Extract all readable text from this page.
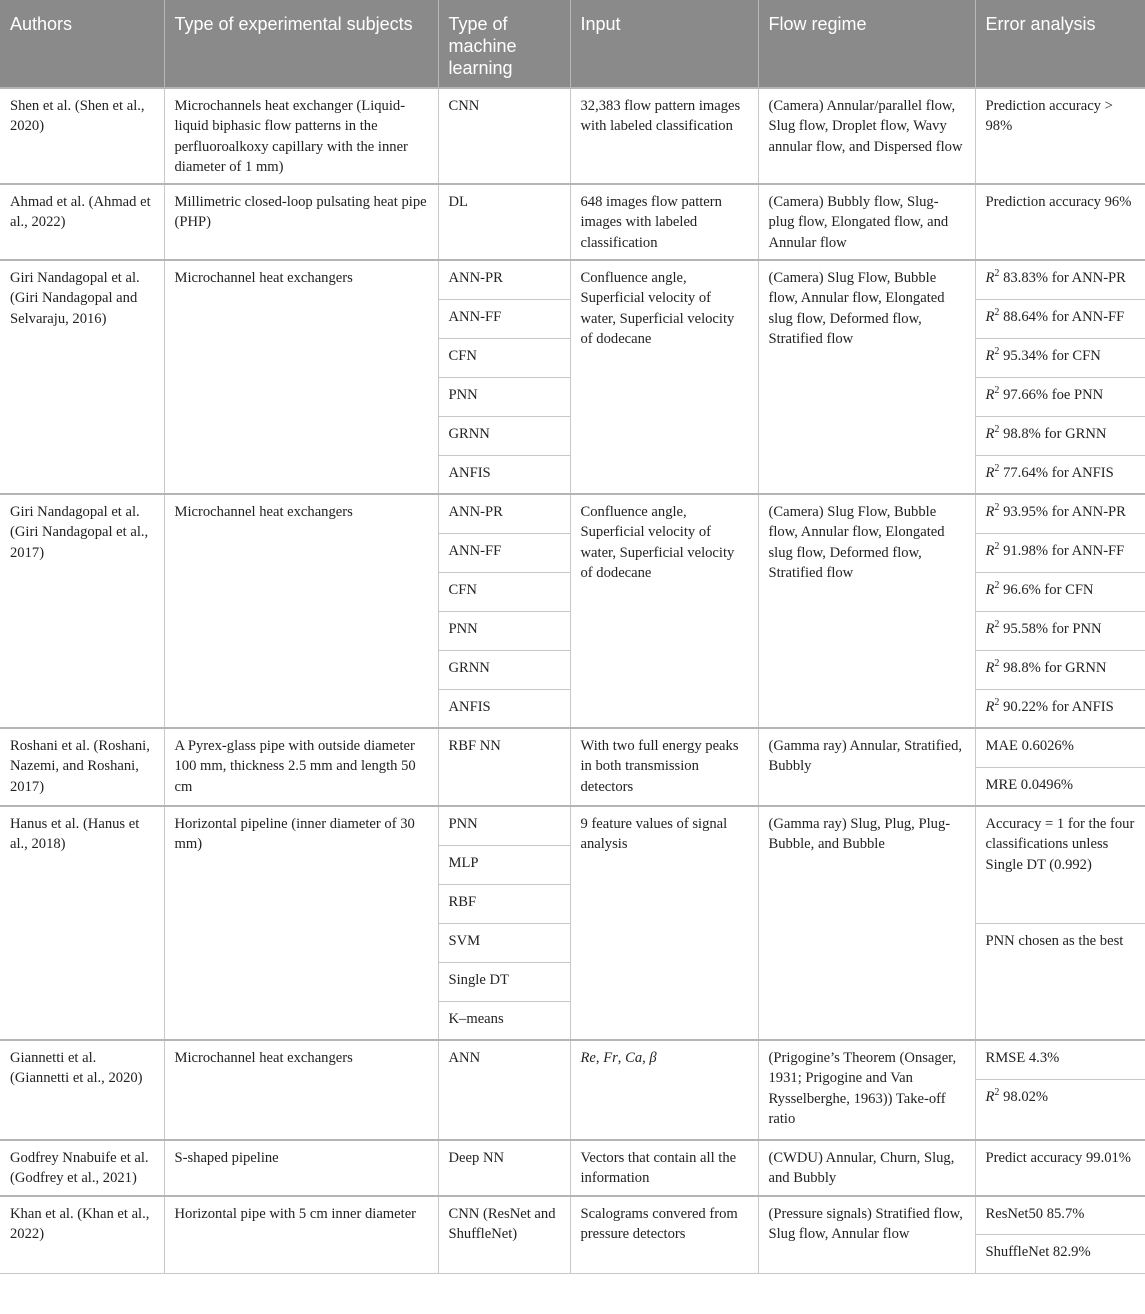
Authors	Type of experimental subjects	Type of machine learning	Input	Flow regime	Error analysis
Shen et al. (Shen et al., 2020)	Microchannels heat exchanger (Liquid-liquid biphasic flow patterns in the perfluoroalkoxy capillary with the inner diameter of 1 mm)	CNN	32,383 flow pattern images with labeled classification	(Camera) Annular/parallel flow, Slug flow, Droplet flow, Wavy annular flow, and Dispersed flow	Prediction accuracy > 98%
Ahmad et al. (Ahmad et al., 2022)	Millimetric closed-loop pulsating heat pipe (PHP)	DL	648 images flow pattern images with labeled classification	(Camera) Bubbly flow, Slug-plug flow, Elongated flow, and Annular flow	Prediction accuracy 96%
Giri Nandagopal et al. (Giri Nandagopal and Selvaraju, 2016)	Microchannel heat exchangers	ANN-PR	Confluence angle, Superficial velocity of water, Superficial velocity of dodecane	(Camera) Slug Flow, Bubble flow, Annular flow, Elongated slug flow, Deformed flow, Stratified flow	$R^2$ 83.83% for ANN-PR
		ANN-FF			$R^2$ 88.64% for ANN-FF
		CFN			$R^2$ 95.34% for CFN
		PNN			$R^2$ 97.66% foe PNN
		GRNN			$R^2$ 98.8% for GRNN
		ANFIS			$R^2$ 77.64% for ANFIS
Giri Nandagopal et al. (Giri Nandagopal et al., 2017)	Microchannel heat exchangers	ANN-PR	Confluence angle, Superficial velocity of water, Superficial velocity of dodecane	(Camera) Slug Flow, Bubble flow, Annular flow, Elongated slug flow, Deformed flow, Stratified flow	$R^2$ 93.95% for ANN-PR
		ANN-FF			$R^2$ 91.98% for ANN-FF
		CFN			$R^2$ 96.6% for CFN
		PNN			$R^2$ 95.58% for PNN
		GRNN			$R^2$ 98.8% for GRNN
		ANFIS			$R^2$ 90.22% for ANFIS
Roshani et al. (Roshani, Nazemi, and Roshani, 2017)	A Pyrex-glass pipe with outside diameter 100 mm, thickness 2.5 mm and length 50 cm	RBF NN	With two full energy peaks in both transmission detectors	(Gamma ray) Annular, Stratified, Bubbly	MAE 0.6026%
					MRE 0.0496%
Hanus et al. (Hanus et al., 2018)	Horizontal pipeline (inner diameter of 30 mm)	PNN	9 feature values of signal analysis	(Gamma ray) Slug, Plug, Plug-Bubble, and Bubble	Accuracy = 1 for the four classifications unless Single DT (0.992)
		MLP			
		RBF			
		SVM			PNN chosen as the best
		Single DT			
		K–means			
Giannetti et al. (Giannetti et al., 2020)	Microchannel heat exchangers	ANN	Re, Fr, Ca, β	(Prigogine’s Theorem (Onsager, 1931; Prigogine and Van Rysselberghe, 1963)) Take-off ratio	RMSE 4.3%
					$R^2$ 98.02%
Godfrey Nnabuife et al. (Godfrey et al., 2021)	S-shaped pipeline	Deep NN	Vectors that contain all the information	(CWDU) Annular, Churn, Slug, and Bubbly	Predict accuracy 99.01%
Khan et al. (Khan et al., 2022)	Horizontal pipe with 5 cm inner diameter	CNN (ResNet and ShuffleNet)	Scalograms convered from pressure detectors	(Pressure signals) Stratified flow, Slug flow, Annular flow	ResNet50 85.7%
					ShuffleNet 82.9%
